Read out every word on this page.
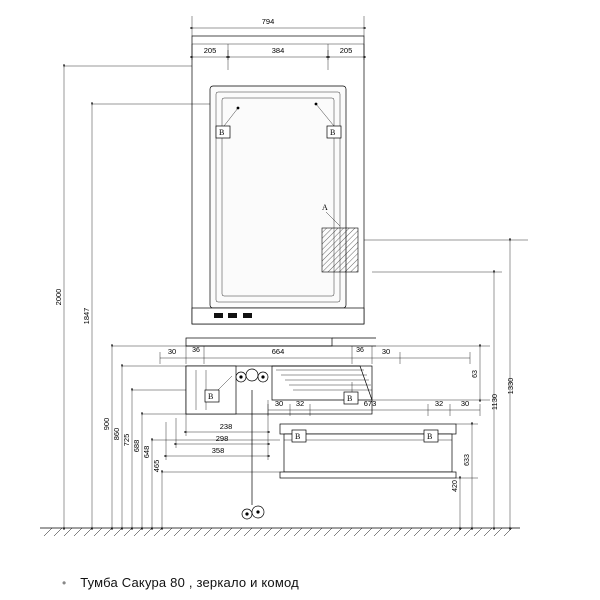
A
B	B
794
205	384	205
B	B
B	B
2000
1847
900
860 725 688 648
465
1330
1130
63
633
420
30 36	664	36 30
30 32	673	32 30
238
298
358
• Тумба Сакура 80 , зеркало и комод
